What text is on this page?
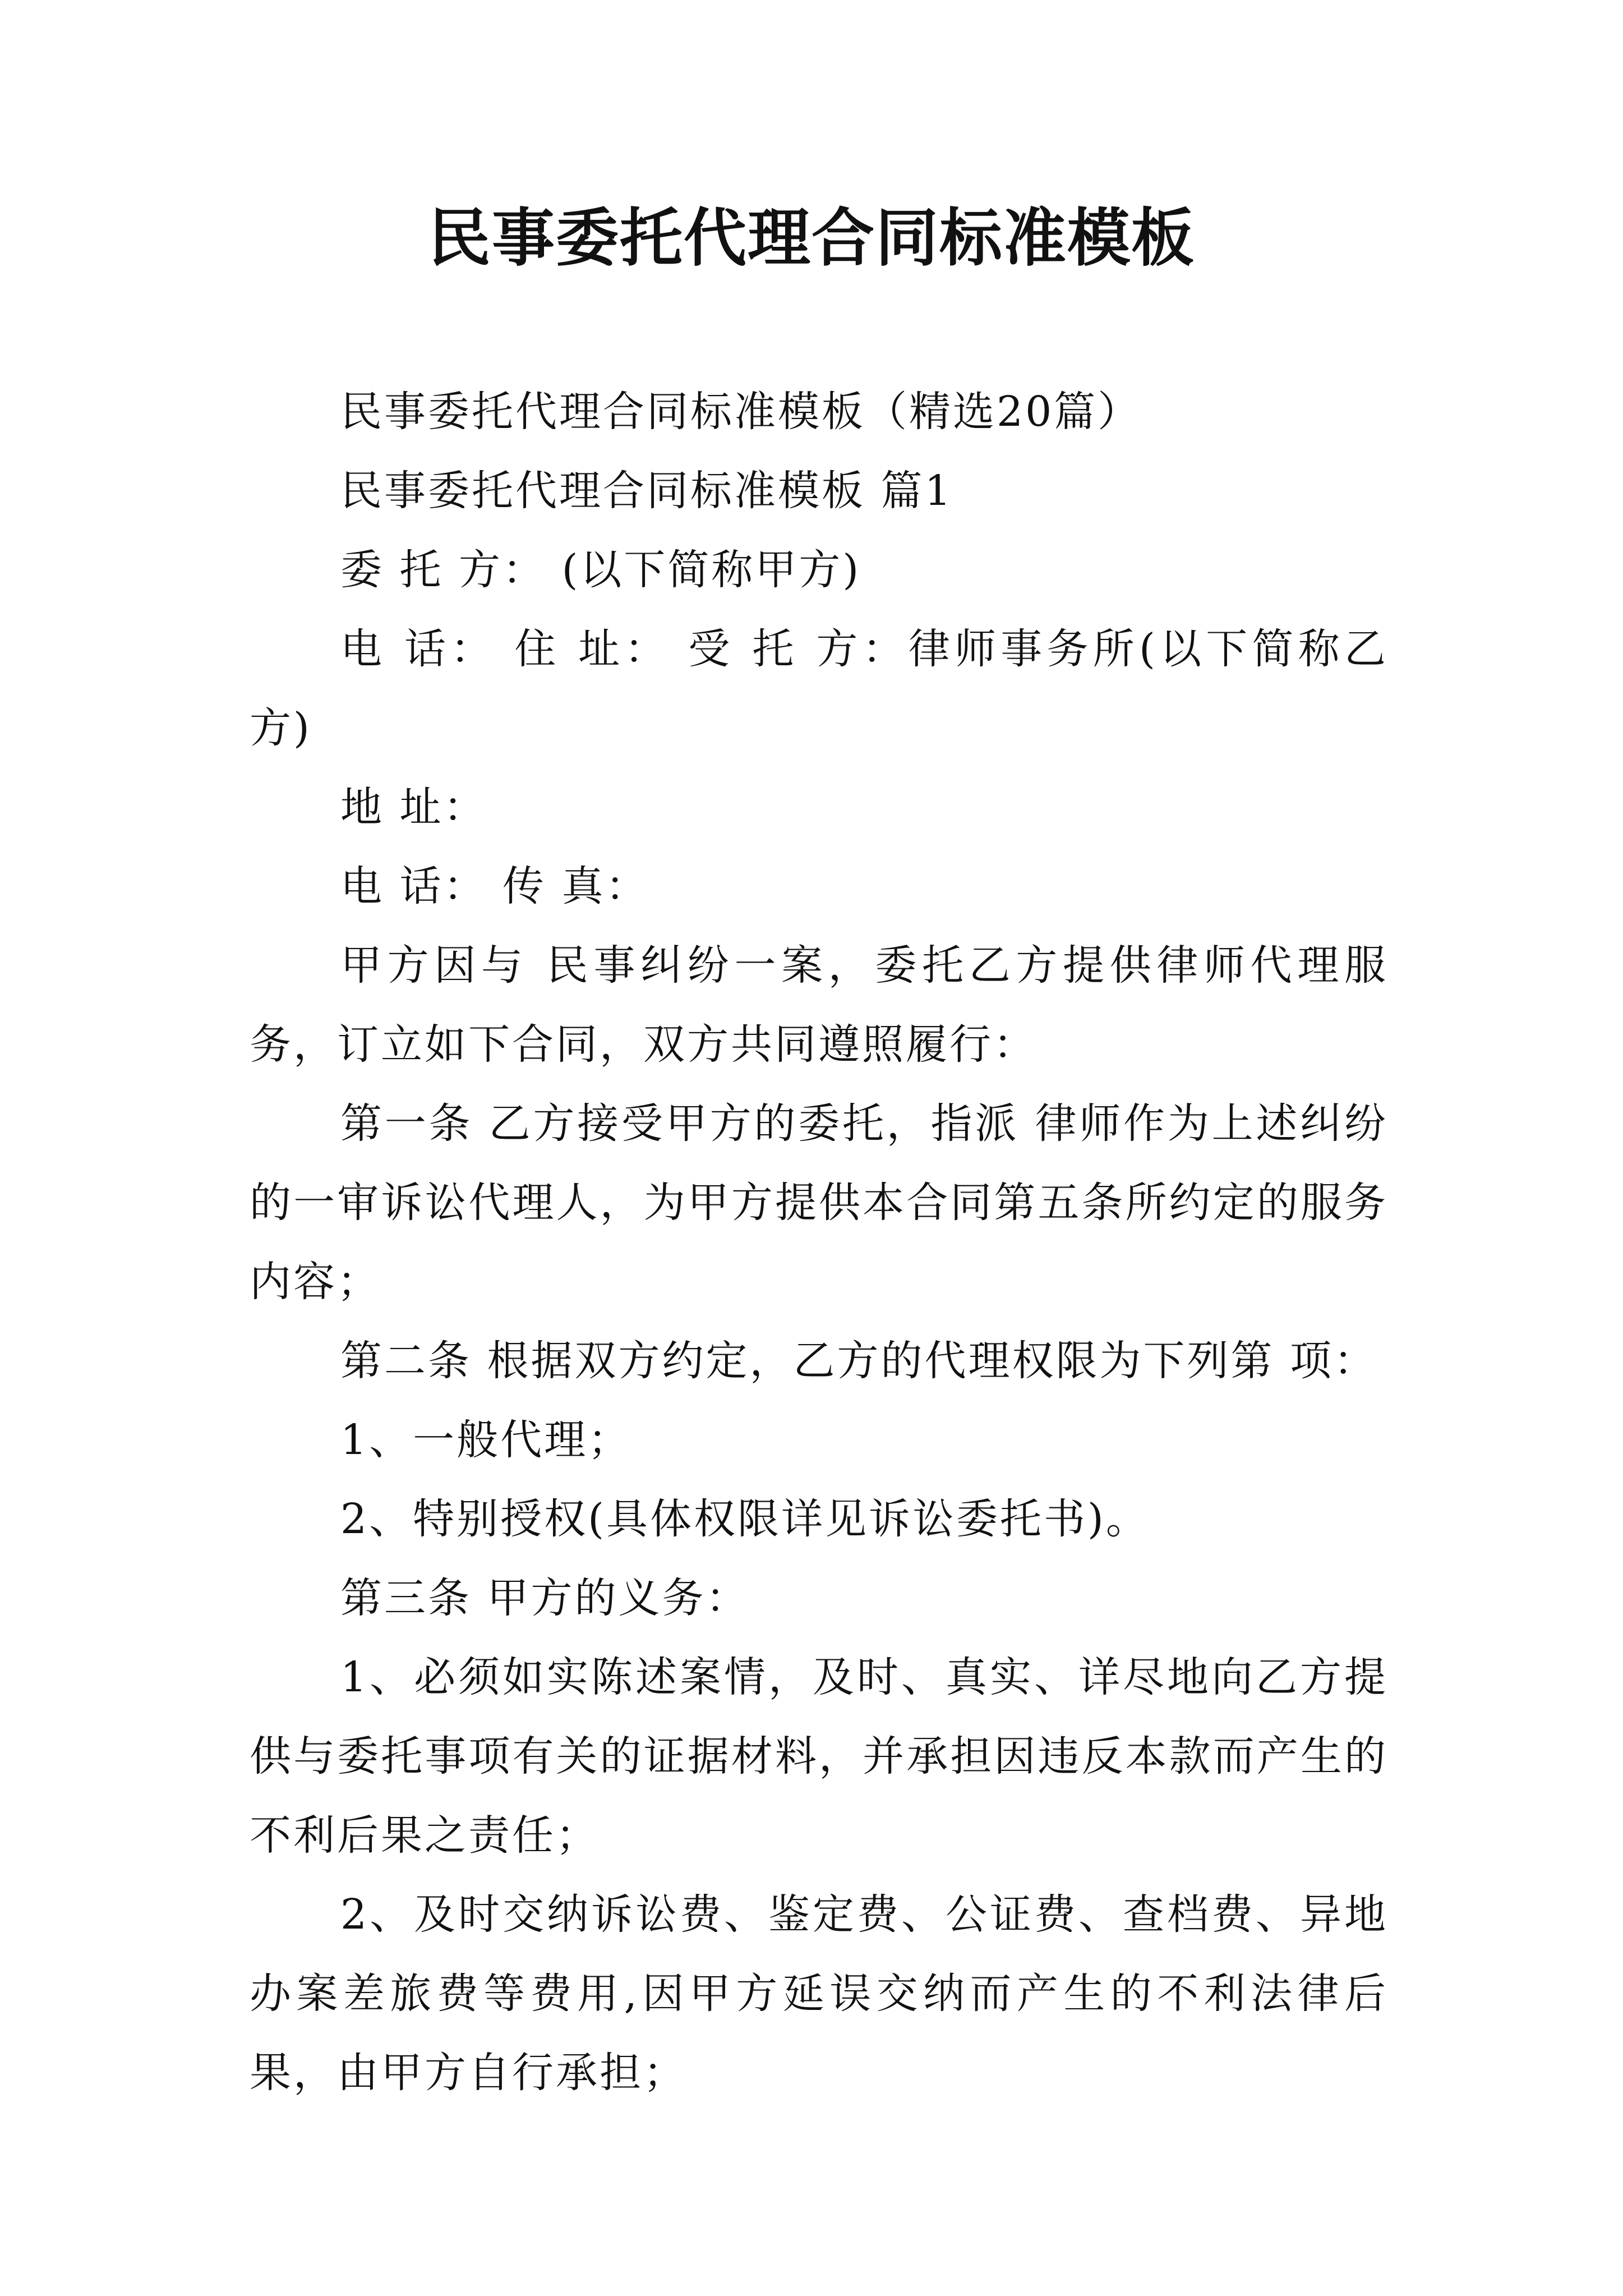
民事委托代理合同标准模板

民事委托代理合同标准模板（精选20篇）

民事委托代理合同标准模板 篇1

委 托 方： (以下简称甲方)

电 话： 住 址： 受 托 方：律师事务所(以下简称乙方)

地 址：

电 话： 传 真：

甲方因与 民事纠纷一案，委托乙方提供律师代理服务，订立如下合同，双方共同遵照履行：

第一条 乙方接受甲方的委托，指派 律师作为上述纠纷的一审诉讼代理人，为甲方提供本合同第五条所约定的服务内容；

第二条 根据双方约定，乙方的代理权限为下列第 项：

1、一般代理；

2、特别授权(具体权限详见诉讼委托书)。

第三条 甲方的义务：

1、必须如实陈述案情，及时、真实、详尽地向乙方提供与委托事项有关的证据材料，并承担因违反本款而产生的不利后果之责任；

2、及时交纳诉讼费、鉴定费、公证费、查档费、异地办案差旅费等费用,因甲方延误交纳而产生的不利法律后果，由甲方自行承担；
